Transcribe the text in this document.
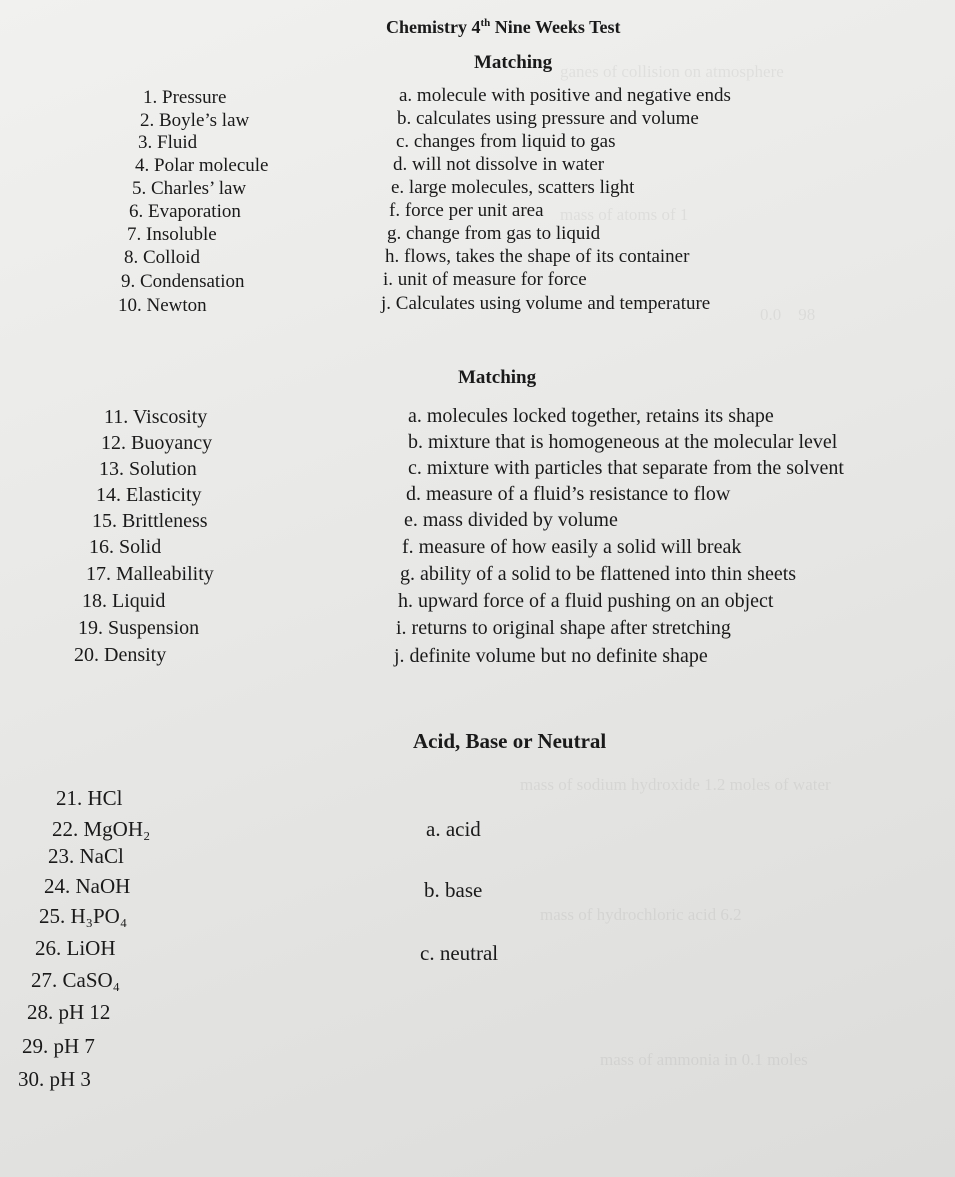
ganes of collision on atmosphere
mass of atoms of 1
0.0    98
mass of sodium hydroxide 1.2 moles of water
mass of hydrochloric acid 6.2
mass of ammonia in 0.1 moles
Chemistry 4th Nine Weeks Test
Matching
1. Pressure
2. Boyle’s law
3. Fluid
4. Polar molecule
5. Charles’ law
6. Evaporation
7. Insoluble
8. Colloid
9. Condensation
10. Newton
a. molecule with positive and negative ends
b. calculates using pressure and volume
c. changes from liquid to gas
d. will not dissolve in water
e. large molecules, scatters light
f. force per unit area
g. change from gas to liquid
h. flows, takes the shape of its container
i. unit of measure for force
j. Calculates using volume and temperature
Matching
11. Viscosity
12. Buoyancy
13. Solution
14. Elasticity
15. Brittleness
16. Solid
17. Malleability
18. Liquid
19. Suspension
20. Density
a. molecules locked together, retains its shape
b. mixture that is homogeneous at the molecular level
c. mixture with particles that separate from the solvent
d. measure of a fluid’s resistance to flow
e. mass divided by volume
f. measure of how easily a solid will break
g. ability of a solid to be flattened into thin sheets
h. upward force of a fluid pushing on an object
i. returns to original shape after stretching
j. definite volume but no definite shape
Acid, Base or Neutral
21. HCl
22. MgOH₂
23. NaCl
24. NaOH
25. H₃PO₄
26. LiOH
27. CaSO₄
28. pH 12
29. pH 7
30. pH 3
a. acid
b. base
c. neutral
